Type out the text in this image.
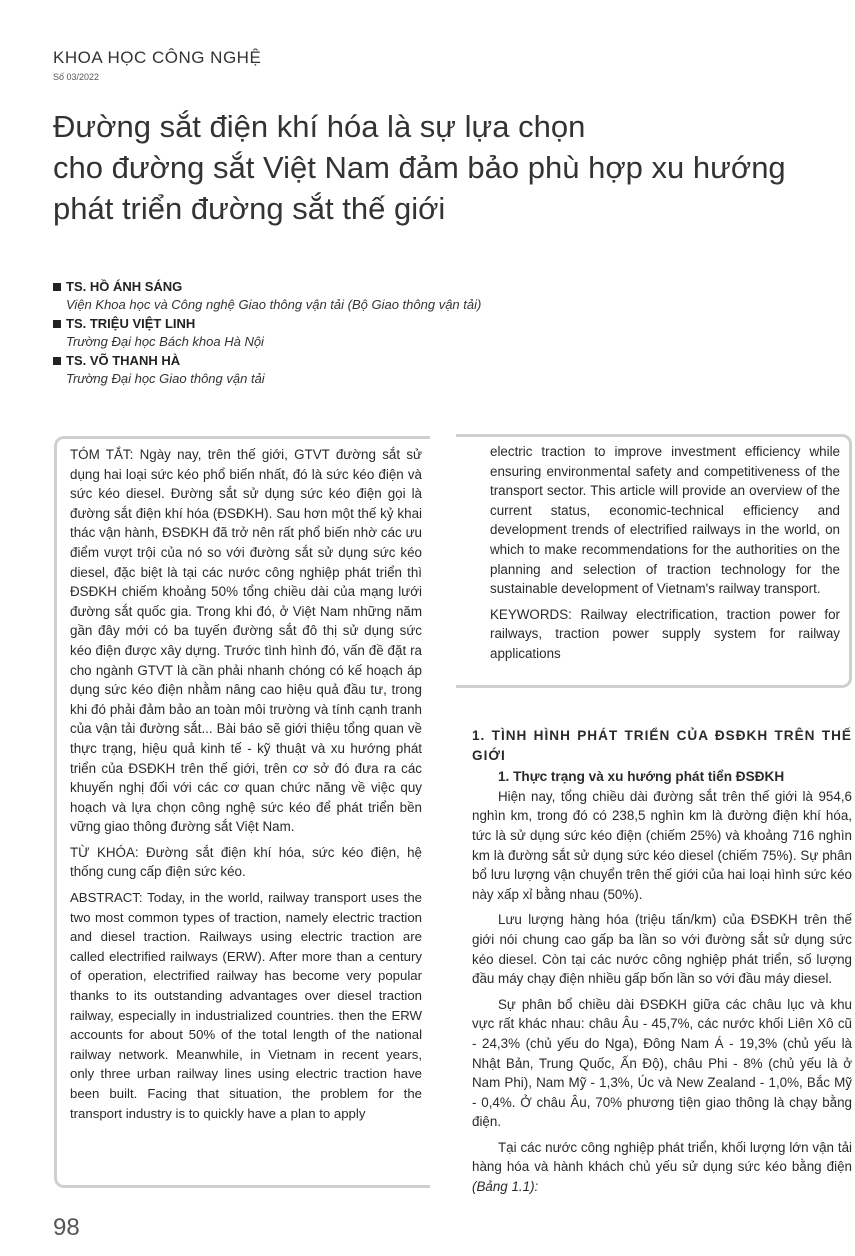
KHOA HỌC CÔNG NGHỆ
Số 03/2022
Đường sắt điện khí hóa là sự lựa chọn
cho đường sắt Việt Nam đảm bảo phù hợp xu hướng
phát triển đường sắt thế giới
TS. HỒ ÁNH SÁNG
Viện Khoa học và Công nghệ Giao thông vận tải (Bộ Giao thông vận tải)
TS. TRIỆU VIỆT LINH
Trường Đại học Bách khoa Hà Nội
TS. VÕ THANH HÀ
Trường Đại học Giao thông vận tải

TÓM TẮT: Ngày nay, trên thế giới, GTVT đường sắt sử dụng hai loại sức kéo phổ biến nhất, đó là sức kéo điện và sức kéo diesel. Đường sắt sử dụng sức kéo điện gọi là đường sắt điện khí hóa (ĐSĐKH). Sau hơn một thế kỷ khai thác vận hành, ĐSĐKH đã trở nên rất phổ biến nhờ các ưu điểm vượt trội của nó so với đường sắt sử dụng sức kéo diesel, đặc biệt là tại các nước công nghiệp phát triển thì ĐSĐKH chiếm khoảng 50% tổng chiều dài của mạng lưới đường sắt quốc gia. Trong khi đó, ở Việt Nam những năm gần đây mới có ba tuyến đường sắt đô thị sử dụng sức kéo điện được xây dựng. Trước tình hình đó, vấn đề đặt ra cho ngành GTVT là cần phải nhanh chóng có kế hoạch áp dụng sức kéo điện nhằm nâng cao hiệu quả đầu tư, trong khi đó phải đảm bảo an toàn môi trường và tính cạnh tranh của vận tải đường sắt... Bài báo sẽ giới thiệu tổng quan về thực trạng, hiệu quả kinh tế - kỹ thuật và xu hướng phát triển của ĐSĐKH trên thế giới, trên cơ sở đó đưa ra các khuyến nghị đối với các cơ quan chức năng về việc quy hoạch và lựa chọn công nghệ sức kéo để phát triển bền vững giao thông đường sắt Việt Nam.

TỪ KHÓA: Đường sắt điện khí hóa, sức kéo điện, hệ thống cung cấp điện sức kéo.

ABSTRACT: Today, in the world, railway transport uses the two most common types of traction, namely electric traction and diesel traction. Railways using electric traction are called electrified railways (ERW). After more than a century of operation, electrified railway has become very popular thanks to its outstanding advantages over diesel traction railway, especially in industrialized countries. then the ERW accounts for about 50% of the total length of the national railway network. Meanwhile, in Vietnam in recent years, only three urban railway lines using electric traction have been built. Facing that situation, the problem for the transport industry is to quickly have a plan to apply

electric traction to improve investment efficiency while ensuring environmental safety and competitiveness of the transport sector. This article will provide an overview of the current status, economic-technical efficiency and development trends of electrified railways in the world, on which to make recommendations for the authorities on the planning and selection of traction technology for the sustainable development of Vietnam's railway transport.

KEYWORDS: Railway electrification, traction power for railways, traction power supply system for railway applications

1. TÌNH HÌNH PHÁT TRIỂN CỦA ĐSĐKH TRÊN THẾ GIỚI
1. Thực trạng và xu hướng phát tiển ĐSĐKH

Hiện nay, tổng chiều dài đường sắt trên thế giới là 954,6 nghìn km, trong đó có 238,5 nghìn km là đường điện khí hóa, tức là sử dụng sức kéo điện (chiếm 25%) và khoảng 716 nghìn km là đường sắt sử dụng sức kéo diesel (chiếm 75%). Sự phân bổ lưu lượng vận chuyển trên thế giới của hai loại hình sức kéo này xấp xỉ bằng nhau (50%).

Lưu lượng hàng hóa (triệu tấn/km) của ĐSĐKH trên thế giới nói chung cao gấp ba lần so với đường sắt sử dụng sức kéo diesel. Còn tại các nước công nghiệp phát triển, số lượng đầu máy chạy điện nhiều gấp bốn lần so với đầu máy diesel.

Sự phân bổ chiều dài ĐSĐKH giữa các châu lục và khu vực rất khác nhau: châu Âu - 45,7%, các nước khối Liên Xô cũ - 24,3% (chủ yếu do Nga), Đông Nam Á - 19,3% (chủ yếu là Nhật Bản, Trung Quốc, Ấn Độ), châu Phi - 8% (chủ yếu là ở Nam Phi), Nam Mỹ - 1,3%, Úc và New Zealand - 1,0%, Bắc Mỹ - 0,4%. Ở châu Âu, 70% phương tiện giao thông là chạy bằng điện.

Tại các nước công nghiệp phát triển, khối lượng lớn vận tải hàng hóa và hành khách chủ yếu sử dụng sức kéo bằng điện (Bảng 1.1):

98
